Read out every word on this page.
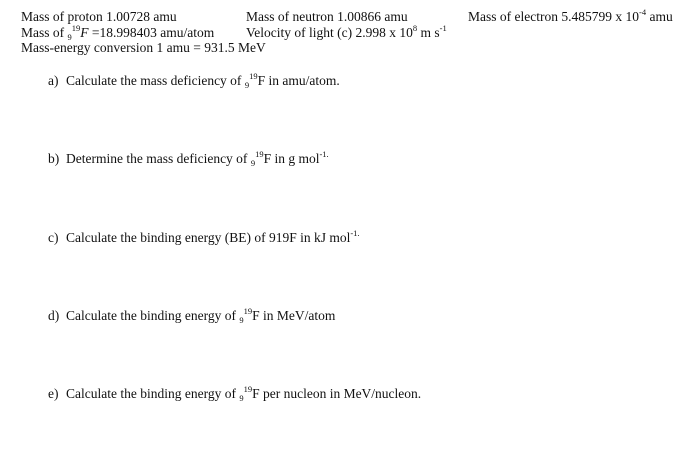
Mass of proton 1.00728 amu	Mass of neutron 1.00866 amu	Mass of electron 5.485799 x $10^{-4}$ amu
Mass of $_9^{19}$F =18.998403 amu/atom Velocity of light (c) 2.998 x $10^8$ m $s^{-1}$
Mass-energy conversion 1 amu = 931.5 MeV
a) Calculate the mass deficiency of $_9^{19}$F in amu/atom.
b) Determine the mass deficiency of $_9^{19}$F in g mol$^{-1.}$
c) Calculate the binding energy (BE) of 919F in kJ mol$^{-1.}$
d) Calculate the binding energy of $_9^{19}$F in MeV/atom
e) Calculate the binding energy of $_9^{19}$F per nucleon in MeV/nucleon.
